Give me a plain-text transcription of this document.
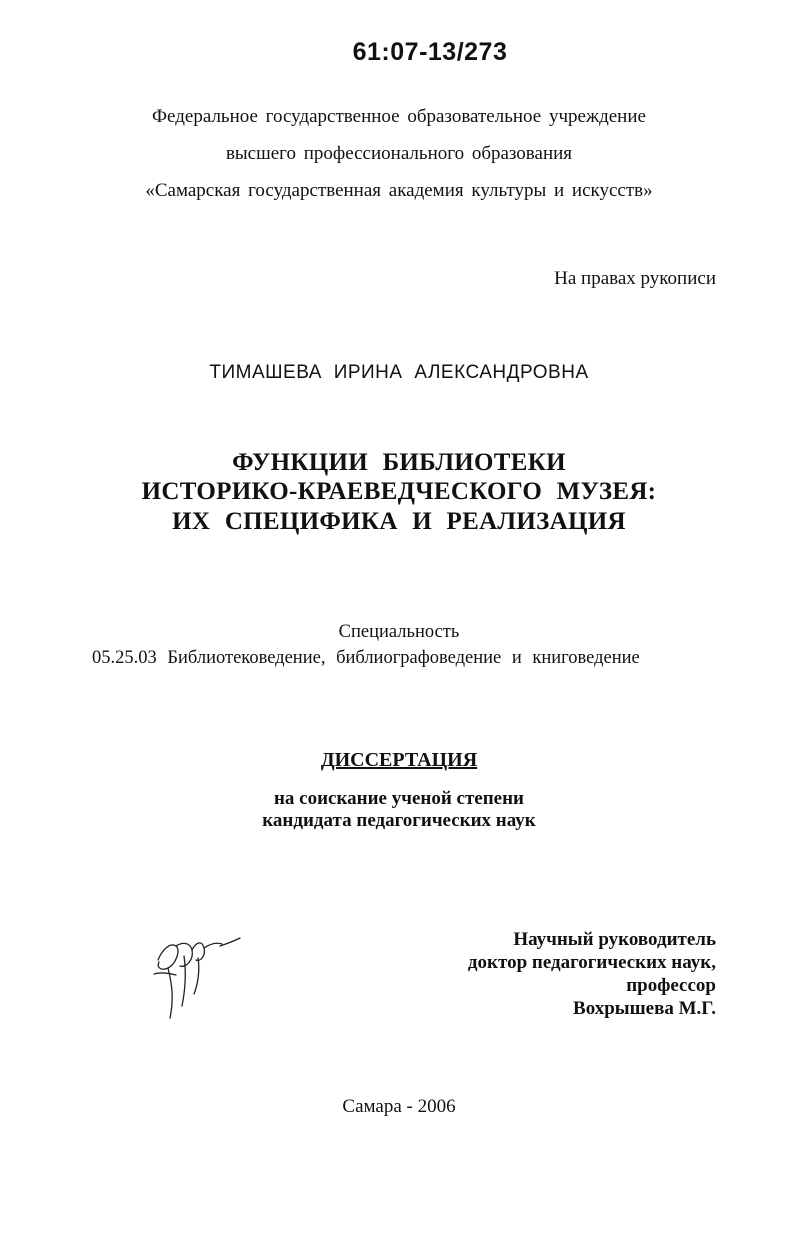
61:07-13/273
Федеральное государственное образовательное учреждение
высшего профессионального образования
«Самарская государственная академия культуры и искусств»
На правах рукописи
ТИМАШЕВА ИРИНА АЛЕКСАНДРОВНА
ФУНКЦИИ БИБЛИОТЕКИ
ИСТОРИКО-КРАЕВЕДЧЕСКОГО МУЗЕЯ:
ИХ СПЕЦИФИКА И РЕАЛИЗАЦИЯ
Специальность
05.25.03 Библиотековедение, библиографоведение и книговедение
ДИССЕРТАЦИЯ
на соискание ученой степени
кандидата педагогических наук
Научный руководитель
доктор педагогических наук,
профессор
Вохрышева М.Г.
Самара - 2006
